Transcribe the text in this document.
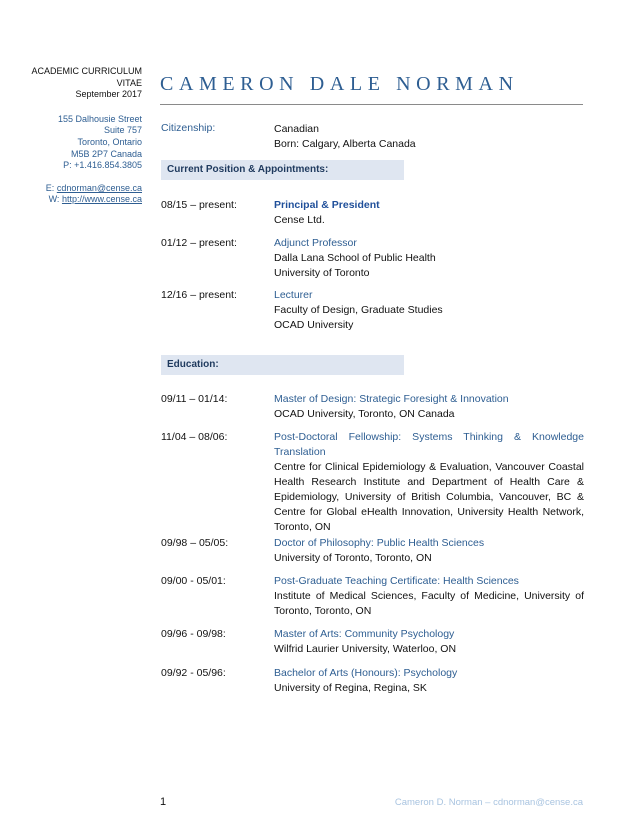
ACADEMIC CURRICULUM VITAE
September 2017
155 Dalhousie Street
Suite 757
Toronto, Ontario
M5B 2P7 Canada
P: +1.416.854.3805
E: cdnorman@cense.ca
W: http://www.cense.ca
CAMERON DALE NORMAN
Citizenship:	Canadian
Born: Calgary, Alberta Canada
Current Position & Appointments:
08/15 – present:	Principal & President
Cense Ltd.
01/12 – present:	Adjunct Professor
Dalla Lana School of Public Health
University of Toronto
12/16 – present:	Lecturer
Faculty of Design, Graduate Studies
OCAD University
Education:
09/11 – 01/14:	Master of Design: Strategic Foresight & Innovation
OCAD University, Toronto, ON Canada
11/04 – 08/06:	Post-Doctoral Fellowship: Systems Thinking & Knowledge Translation
Centre for Clinical Epidemiology & Evaluation, Vancouver Coastal Health Research Institute and Department of Health Care & Epidemiology, University of British Columbia, Vancouver, BC & Centre for Global eHealth Innovation, University Health Network, Toronto, ON
09/98 – 05/05:	Doctor of Philosophy: Public Health Sciences
University of Toronto, Toronto, ON
09/00 - 05/01:	Post-Graduate Teaching Certificate: Health Sciences
Institute of Medical Sciences, Faculty of Medicine, University of Toronto, Toronto, ON
09/96 - 09/98:	Master of Arts: Community Psychology
Wilfrid Laurier University, Waterloo, ON
09/92 - 05/96:	Bachelor of Arts (Honours): Psychology
University of Regina, Regina, SK
1	Cameron D. Norman – cdnorman@cense.ca
